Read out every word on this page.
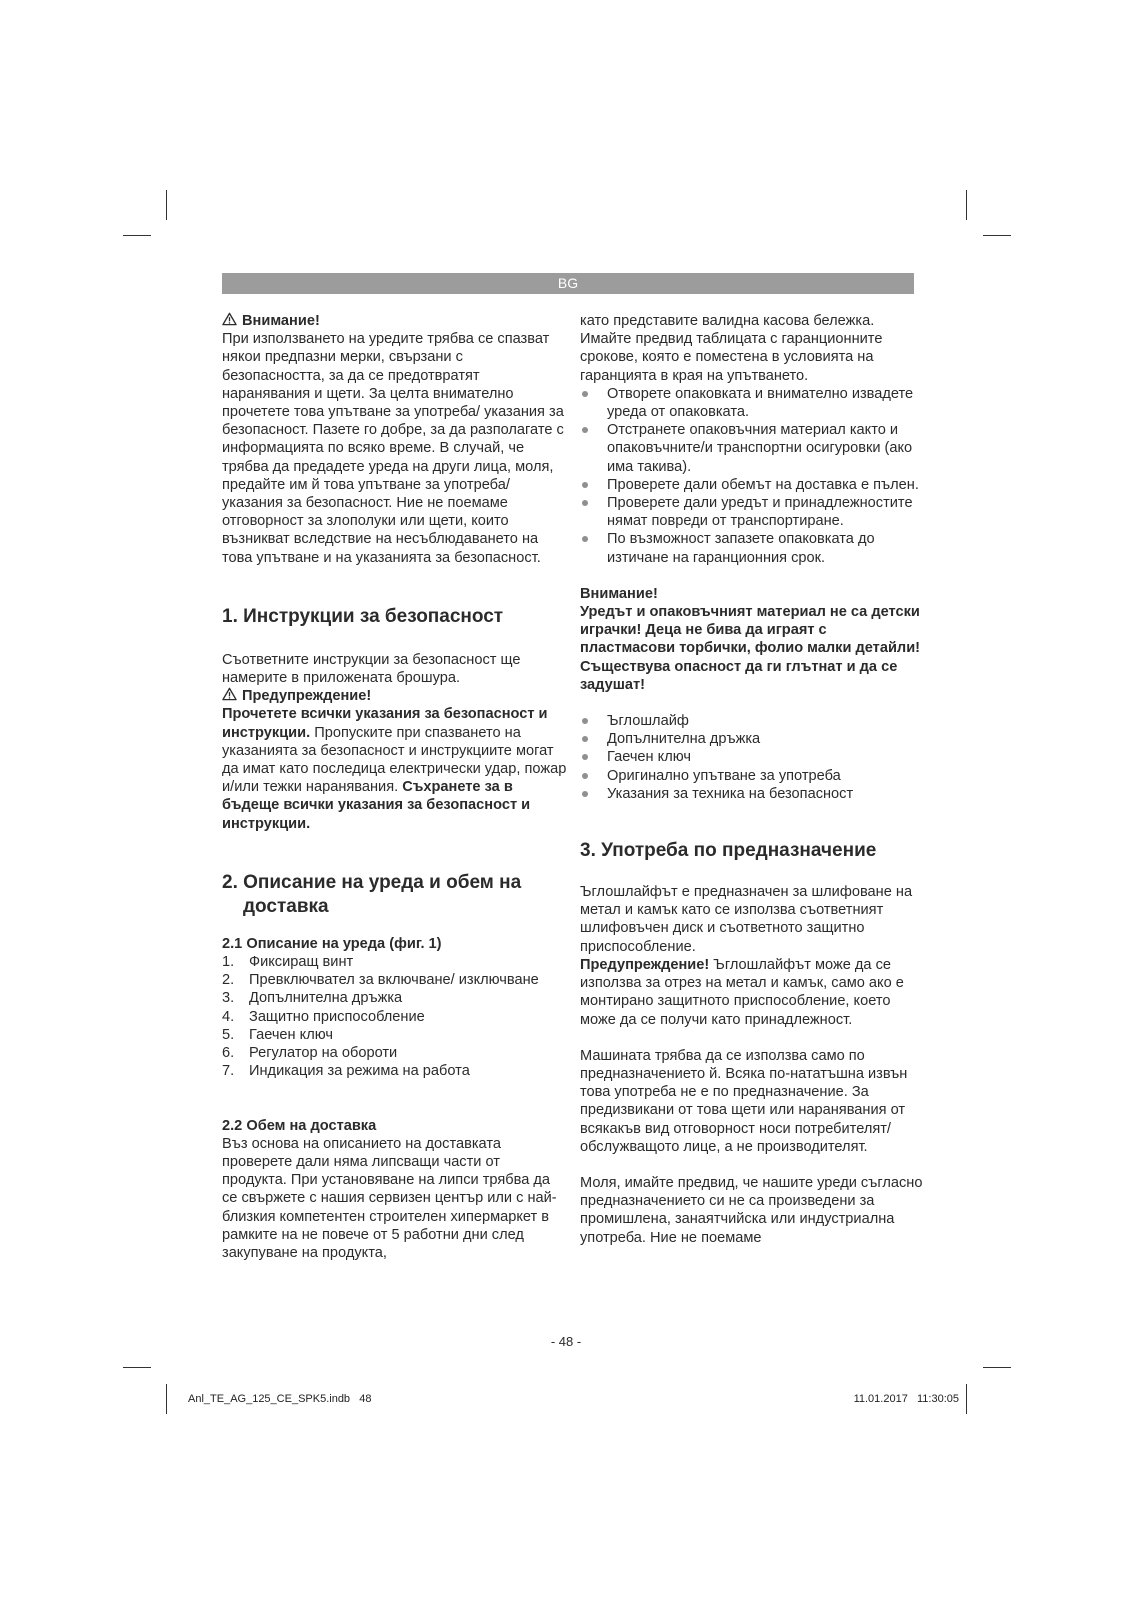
BG

Внимание!

При използването на уредите трябва се спазват някои предпазни мерки, свързани с безопасността, за да се предотвратят наранявания и щети. За целта внимателно прочетете това упътване за употреба/ указания за безопасност. Пазете го добре, за да разполагате с информацията по всяко време. В случай, че трябва да предадете уреда на други лица, моля, предайте им й това упътване за употреба/указания за безопасност. Ние не поемаме отговорност за злополуки или щети, които възникват вследствие на несъблюдаването на това упътване и на указанията за безопасност.

1. Инструкции за безопасност

Съответните инструкции за безопасност ще намерите в приложената брошура.

Предупреждение!

Прочетете всички указания за безопасност и инструкции. Пропуските при спазването на указанията за безопасност и инструкциите могат да имат като последица електрически удар, пожар и/или тежки наранявания. Съхранете за в бъдеще всички указания за безопасност и инструкции.

2. Описание на уреда и обем на доставка
2.1 Описание на уреда (фиг. 1)
1. Фиксиращ винт
2. Превключвател за включване/ изключване
3. Допълнителна дръжка
4. Защитно приспособление
5. Гаечен ключ
6. Регулатор на обороти
7. Индикация за режима на работа
2.2 Обем на доставка

Въз основа на описанието на доставката проверете дали няма липсващи части от продукта. При установяване на липси трябва да се свържете с нашия сервизен център или с най-близкия компетентен строителен хипермаркет в рамките на не повече от 5 работни дни след закупуване на продукта,

като представите валидна касова бележка. Имайте предвид таблицата с гаранционните срокове, която е поместена в условията на гаранцията в края на упътването.

Отворете опаковката и внимателно извадете уреда от опаковката.
Отстранете опаковъчния материал както и опаковъчните/и транспортни осигуровки (ако има такива).
Проверете дали обемът на доставка е пълен.
Проверете дали уредът и принадлежностите нямат повреди от транспортиране.
По възможност запазете опаковката до изтичане на гаранционния срок.

Внимание!

Уредът и опаковъчният материал не са детски играчки! Деца не бива да играят с пластмасови торбички, фолио малки детайли! Съществува опасност да ги глътнат и да се задушат!

Ъглошлайф
Допълнителна дръжка
Гаечен ключ
Оригинално упътване за употреба
Указания за техника на безопасност
3. Употреба по предназначение

Ъглошлайфът е предназначен за шлифоване на метал и камък като се използва съответният шлифовъчен диск и съответното защитно приспособление.

Предупреждение! Ъглошлайфът може да се използва за отрез на метал и камък, само ако е монтирано защитното приспособление, което може да се получи като принадлежност.

Машината трябва да се използва само по предназначението й. Всяка по-нататъшна извън това употреба не е по предназначение. За предизвикани от това щети или наранявания от всякакъв вид отговорност носи потребителят/обслужващото лице, а не производителят.

Моля, имайте предвид, че нашите уреди съгласно предназначението си не са произведени за промишлена, занаятчийска или индустриална употреба. Ние не поемаме

- 48 -
Anl_TE_AG_125_CE_SPK5.indb   48	11.01.2017   11:30:05
